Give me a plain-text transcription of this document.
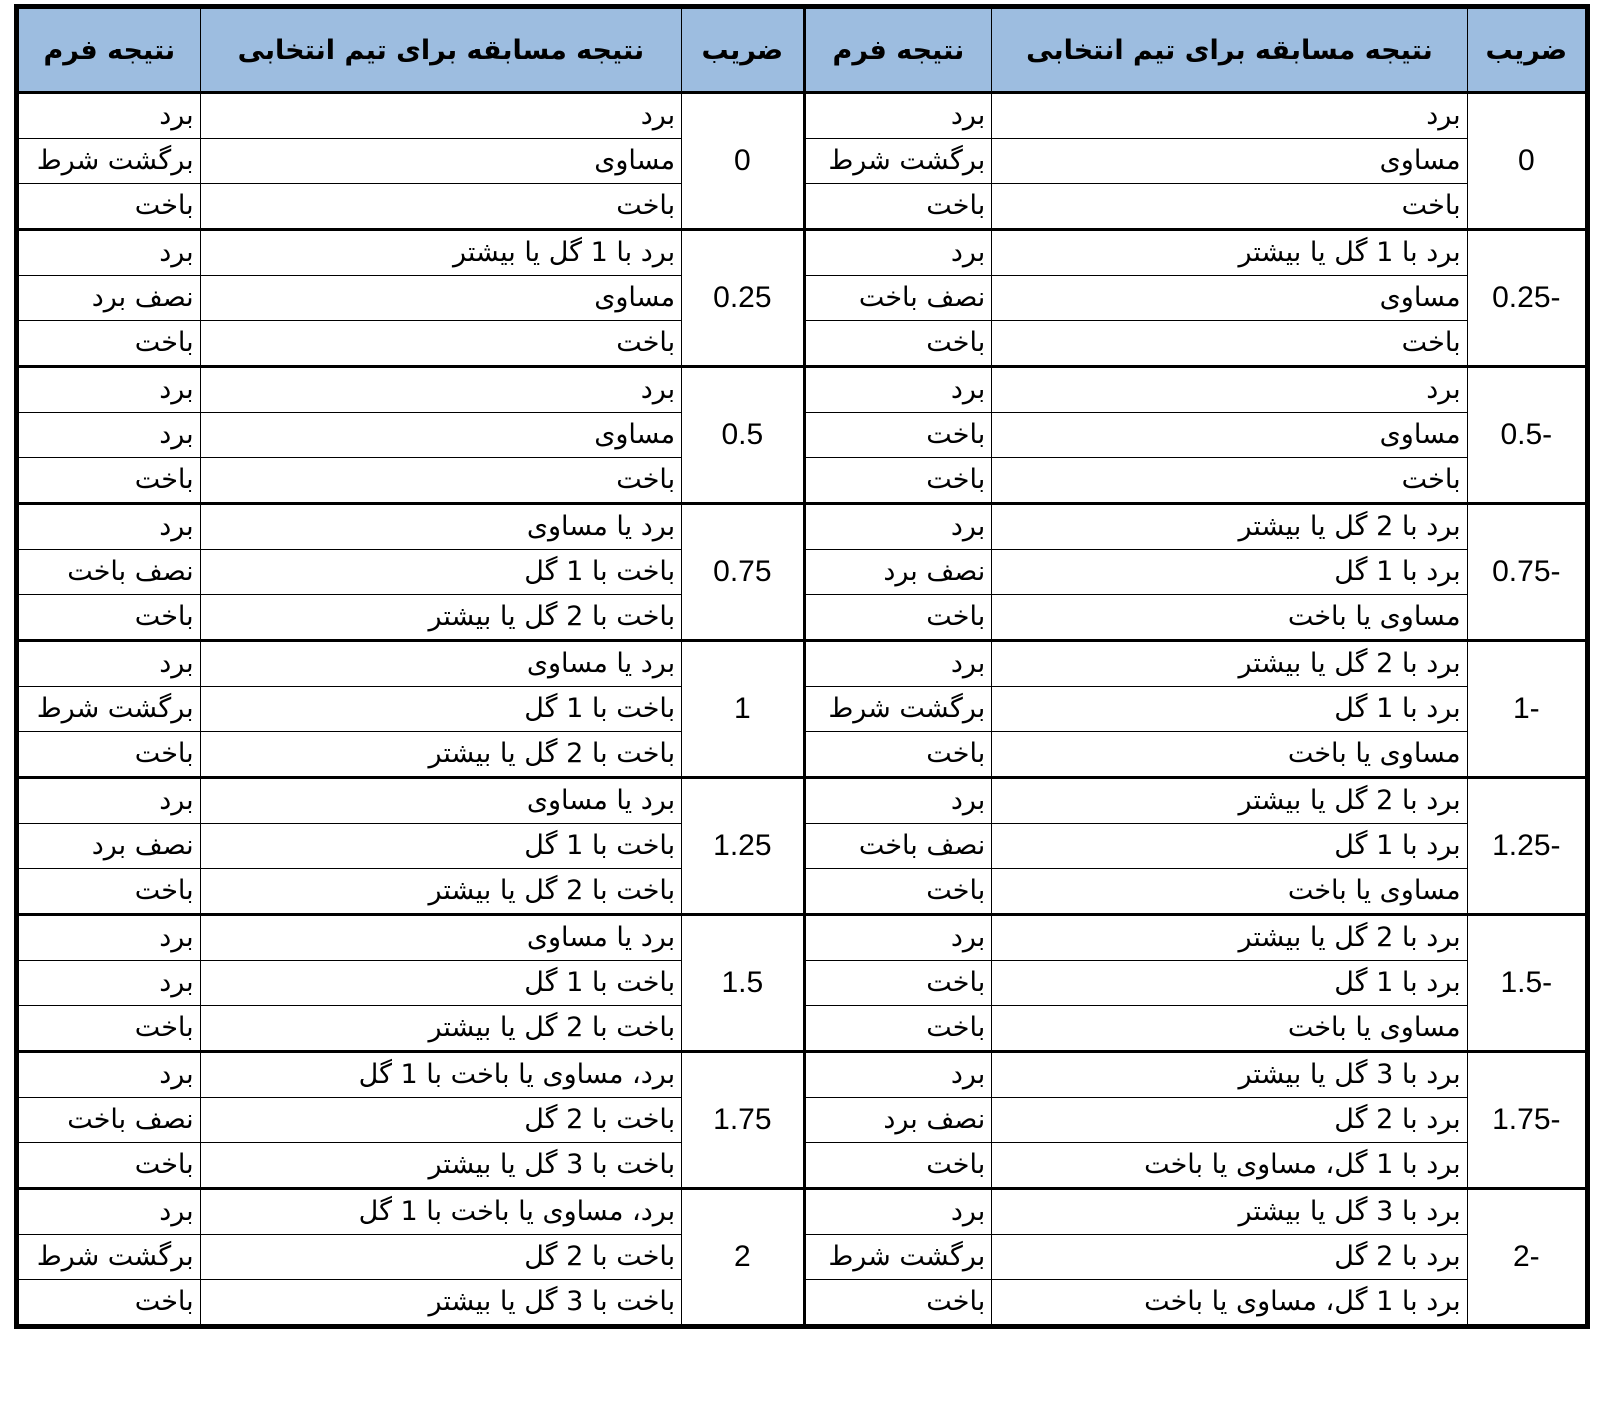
ضریب	نتیجه مسابقه برای تیم انتخابی	نتیجه فرم	ضریب	نتیجه مسابقه برای تیم انتخابی	نتیجه فرم
0	برد	برد	0	برد	برد
	مساوی	برگشت شرط		مساوی	برگشت شرط
	باخت	باخت		باخت	باخت
-0.25	برد با 1 گل یا بیشتر	برد	0.25	برد با 1 گل یا بیشتر	برد
	مساوی	نصف باخت		مساوی	نصف برد
	باخت	باخت		باخت	باخت
-0.5	برد	برد	0.5	برد	برد
	مساوی	باخت		مساوی	برد
	باخت	باخت		باخت	باخت
-0.75	برد با 2 گل یا بیشتر	برد	0.75	برد یا مساوی	برد
	برد با 1 گل	نصف برد		باخت با 1 گل	نصف باخت
	مساوی یا باخت	باخت		باخت با 2 گل یا بیشتر	باخت
-1	برد با 2 گل یا بیشتر	برد	1	برد یا مساوی	برد
	برد با 1 گل	برگشت شرط		باخت با 1 گل	برگشت شرط
	مساوی یا باخت	باخت		باخت با 2 گل یا بیشتر	باخت
-1.25	برد با 2 گل یا بیشتر	برد	1.25	برد یا مساوی	برد
	برد با 1 گل	نصف باخت		باخت با 1 گل	نصف برد
	مساوی یا باخت	باخت		باخت با 2 گل یا بیشتر	باخت
-1.5	برد با 2 گل یا بیشتر	برد	1.5	برد یا مساوی	برد
	برد با 1 گل	باخت		باخت با 1 گل	برد
	مساوی یا باخت	باخت		باخت با 2 گل یا بیشتر	باخت
-1.75	برد با 3 گل یا بیشتر	برد	1.75	برد، مساوی یا باخت با 1 گل	برد
	برد با 2 گل	نصف برد		باخت با 2 گل	نصف باخت
	برد با 1 گل، مساوی یا باخت	باخت		باخت با 3 گل یا بیشتر	باخت
-2	برد با 3 گل یا بیشتر	برد	2	برد، مساوی یا باخت با 1 گل	برد
	برد با 2 گل	برگشت شرط		باخت با 2 گل	برگشت شرط
	برد با 1 گل، مساوی یا باخت	باخت		باخت با 3 گل یا بیشتر	باخت
